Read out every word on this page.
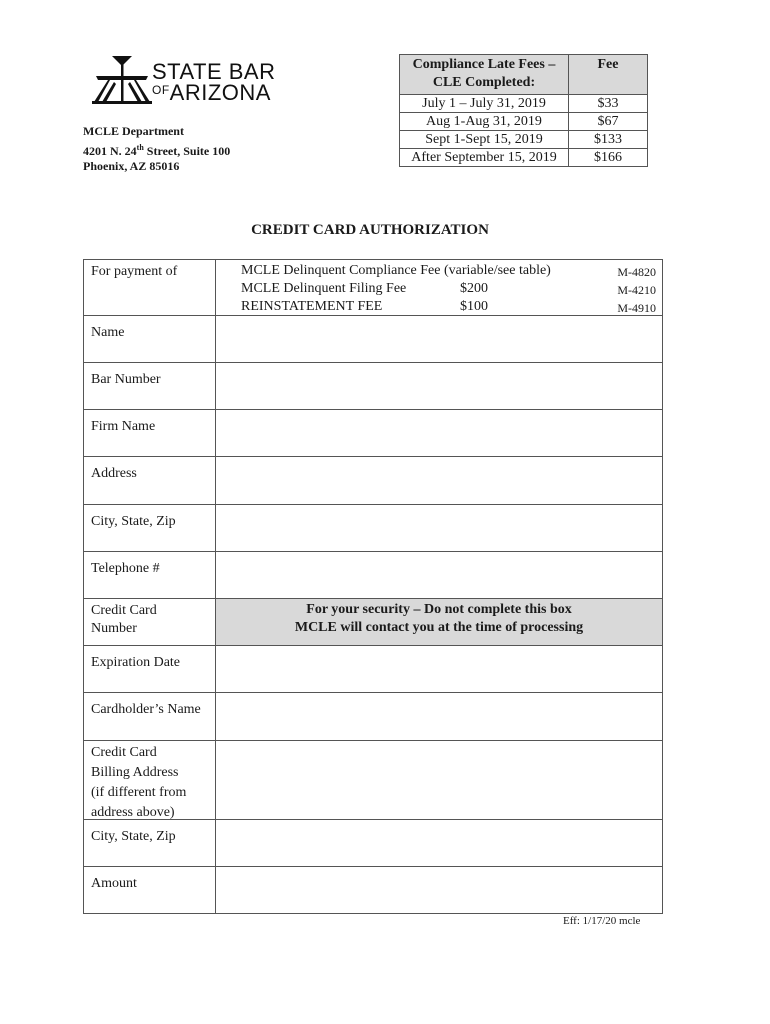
STATE BAR
$^{OF}$ARIZONA
MCLE Department
4201 N. 24th Street, Suite 100
Phoenix, AZ 85016
Compliance Late Fees –
CLE Completed:	Fee
July 1 – July 31, 2019	$33
Aug 1-Aug 31, 2019	$67
Sept 1-Sept 15, 2019	$133
After September 15, 2019	$166
CREDIT CARD AUTHORIZATION
For payment of	MCLE Delinquent Compliance Fee (variable/see table)	M-4820
MCLE Delinquent Filing Fee	$200	M-4210
REINSTATEMENT FEE	$100	M-4910
Name
Bar Number
Firm Name
Address
City, State, Zip
Telephone #
Credit Card
Number
For your security – Do not complete this box
MCLE will contact you at the time of processing
Expiration Date
Cardholder’s Name
Credit Card
Billing Address
(if different from
address above)
City, State, Zip
Amount
Eff: 1/17/20 mcle
